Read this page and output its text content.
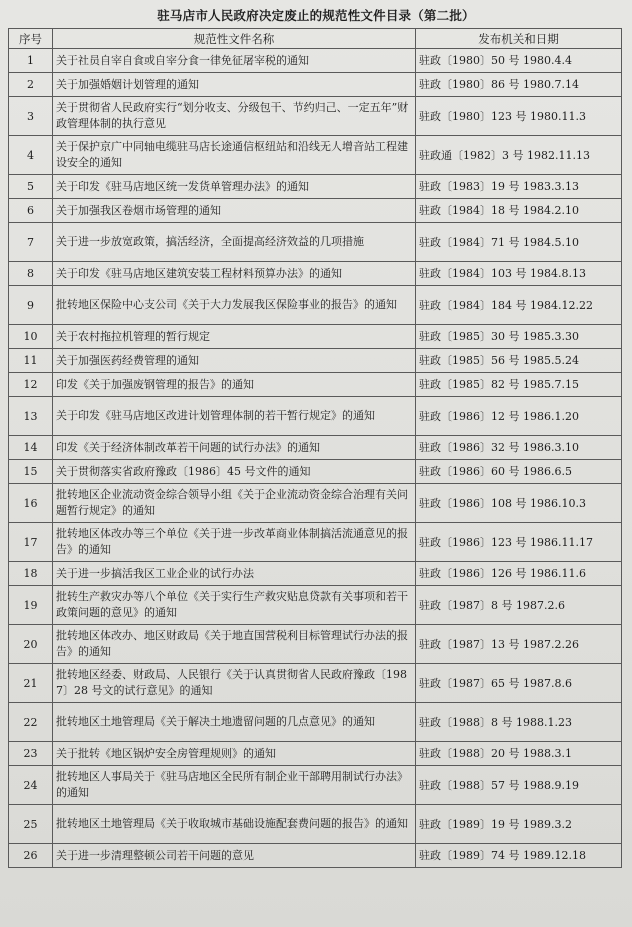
驻马店市人民政府决定废止的规范性文件目录（第二批）
序号	规范性文件名称	发布机关和日期
1	关于社员自宰自食或自宰分食一律免征屠宰税的通知	驻政〔1980〕50 号 1980.4.4
2	关于加强婚姻计划管理的通知	驻政〔1980〕86 号 1980.7.14
3	关于贯彻省人民政府实行“划分收支、分级包干、节约归己、一定五年”财政管理体制的执行意见	驻政〔1980〕123 号 1980.11.3
4	关于保护京广中同轴电缆驻马店长途通信枢纽站和沿线无人增音站工程建设安全的通知	驻政通〔1982〕3 号 1982.11.13
5	关于印发《驻马店地区统一发货单管理办法》的通知	驻政〔1983〕19 号 1983.3.13
6	关于加强我区卷烟市场管理的通知	驻政〔1984〕18 号 1984.2.10
7	关于进一步放宽政策，搞活经济，全面提高经济效益的几项措施	驻政〔1984〕71 号 1984.5.10
8	关于印发《驻马店地区建筑安装工程材料预算办法》的通知	驻政〔1984〕103 号 1984.8.13
9	批转地区保险中心支公司《关于大力发展我区保险事业的报告》的通知	驻政〔1984〕184 号 1984.12.22
10	关于农村拖拉机管理的暂行规定	驻政〔1985〕30 号 1985.3.30
11	关于加强医药经费管理的通知	驻政〔1985〕56 号 1985.5.24
12	印发《关于加强废钢管理的报告》的通知	驻政〔1985〕82 号 1985.7.15
13	关于印发《驻马店地区改进计划管理体制的若干暂行规定》的通知	驻政〔1986〕12 号 1986.1.20
14	印发《关于经济体制改革若干问题的试行办法》的通知	驻政〔1986〕32 号 1986.3.10
15	关于贯彻落实省政府豫政〔1986〕45 号文件的通知	驻政〔1986〕60 号 1986.6.5
16	批转地区企业流动资金综合领导小组《关于企业流动资金综合治理有关问题暂行规定》的通知	驻政〔1986〕108 号 1986.10.3
17	批转地区体改办等三个单位《关于进一步改革商业体制搞活流通意见的报告》的通知	驻政〔1986〕123 号 1986.11.17
18	关于进一步搞活我区工业企业的试行办法	驻政〔1986〕126 号 1986.11.6
19	批转生产救灾办等八个单位《关于实行生产救灾贴息贷款有关事项和若干政策问题的意见》的通知	驻政〔1987〕8 号 1987.2.6
20	批转地区体改办、地区财政局《关于地直国营税利目标管理试行办法的报告》的通知	驻政〔1987〕13 号 1987.2.26
21	批转地区经委、财政局、人民银行《关于认真贯彻省人民政府豫政〔1987〕28 号文的试行意见》的通知	驻政〔1987〕65 号 1987.8.6
22	批转地区土地管理局《关于解决土地遗留问题的几点意见》的通知	驻政〔1988〕8 号 1988.1.23
23	关于批转《地区锅炉安全房管理规则》的通知	驻政〔1988〕20 号 1988.3.1
24	批转地区人事局关于《驻马店地区全民所有制企业干部聘用制试行办法》的通知	驻政〔1988〕57 号 1988.9.19
25	批转地区土地管理局《关于收取城市基础设施配套费问题的报告》的通知	驻政〔1989〕19 号 1989.3.2
26	关于进一步清理整顿公司若干问题的意见	驻政〔1989〕74 号 1989.12.18
